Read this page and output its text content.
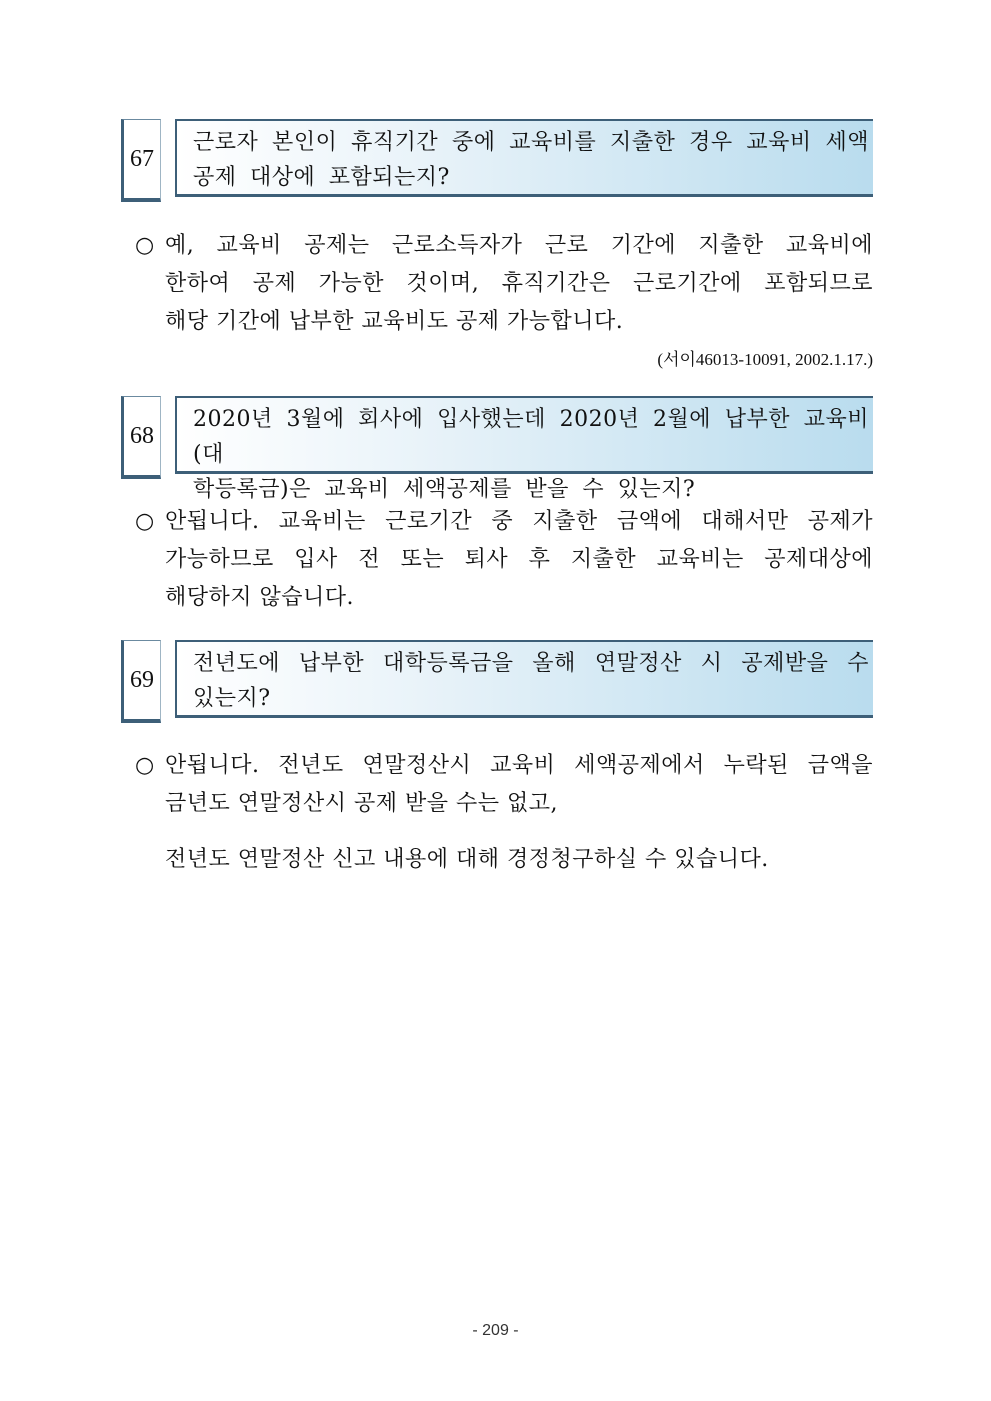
67
근로자 본인이 휴직기간 중에 교육비를 지출한 경우 교육비 세액
공제 대상에 포함되는지?
○ 예, 교육비 공제는 근로소득자가 근로 기간에 지출한 교육비에
한하여 공제 가능한 것이며, 휴직기간은 근로기간에 포함되므로
해당 기간에 납부한 교육비도 공제 가능합니다.
(서이46013-10091, 2002.1.17.)
68
2020년 3월에 회사에 입사했는데 2020년 2월에 납부한 교육비(대
학등록금)은 교육비 세액공제를 받을 수 있는지?
○ 안됩니다. 교육비는 근로기간 중 지출한 금액에 대해서만 공제가
가능하므로 입사 전 또는 퇴사 후 지출한 교육비는 공제대상에
해당하지 않습니다.
69
전년도에 납부한 대학등록금을 올해 연말정산 시 공제받을 수
있는지?
○ 안됩니다. 전년도 연말정산시 교육비 세액공제에서 누락된 금액을
금년도 연말정산시 공제 받을 수는 없고,
전년도 연말정산 신고 내용에 대해 경정청구하실 수 있습니다.
- 209 -
